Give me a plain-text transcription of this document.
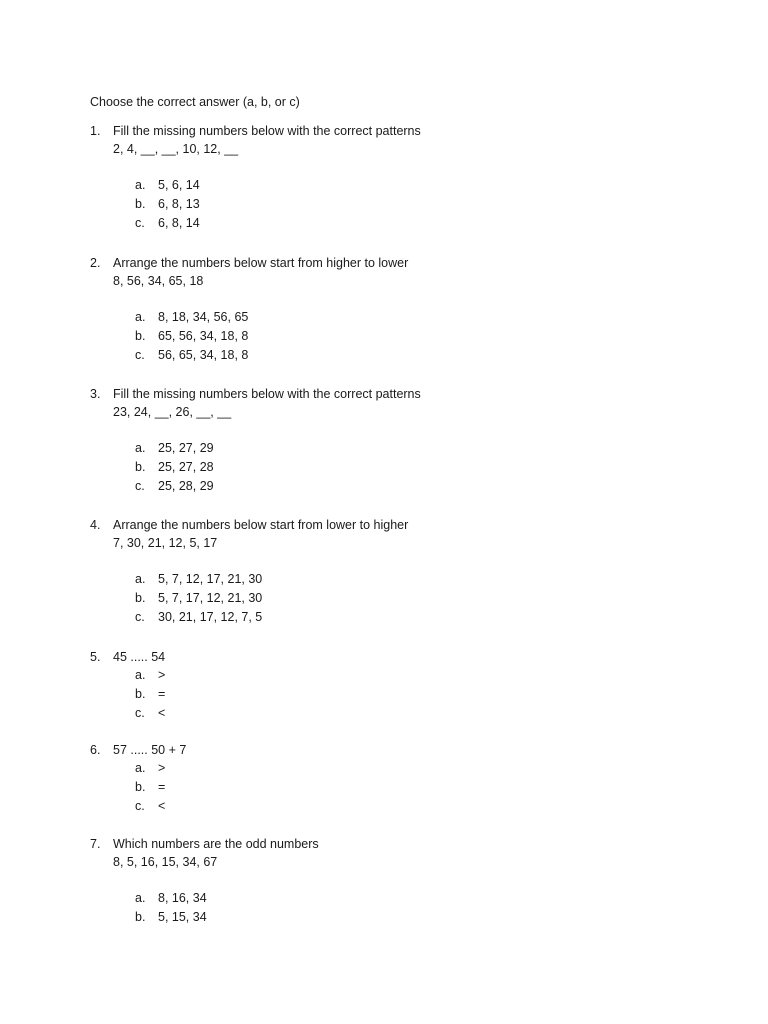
Choose the correct answer (a, b, or c)
1. Fill the missing numbers below with the correct patterns
2, 4, __, __, 10, 12, __
a. 5, 6, 14
b. 6, 8, 13
c. 6, 8, 14
2. Arrange the numbers below start from higher to lower
8, 56, 34, 65, 18
a. 8, 18, 34, 56, 65
b. 65, 56, 34, 18, 8
c. 56, 65, 34, 18, 8
3. Fill the missing numbers below with the correct patterns
23, 24, __, 26, __, __
a. 25, 27, 29
b. 25, 27, 28
c. 25, 28, 29
4. Arrange the numbers below start from lower to higher
7, 30, 21, 12, 5, 17
a. 5, 7, 12, 17, 21, 30
b. 5, 7, 17, 12, 21, 30
c. 30, 21, 17, 12, 7, 5
5. 45 ..... 54
a. >
b. =
c. <
6. 57 ..... 50 + 7
a. >
b. =
c. <
7. Which numbers are the odd numbers
8, 5, 16, 15, 34, 67
a. 8, 16, 34
b. 5, 15, 34
